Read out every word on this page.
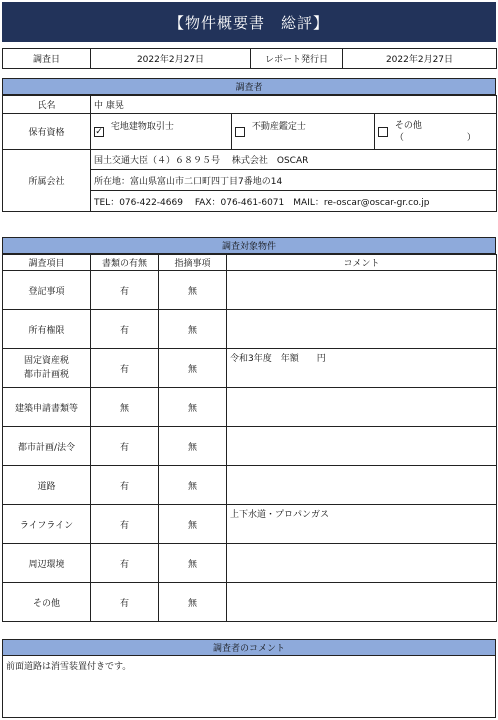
【物件概要書　総評】
調査日	2022年2月27日	レポート発行日	2022年2月27日
調査者
氏名	中 康晃		
保有資格	✓ 宅地建物取引士	不動産鑑定士	その他
（　　　　　　　）

所属会社	国土交通大臣（４）６８９５号　 株式会社　OSCAR		
	所在地：富山県富山市二口町四丁目7番地の14		
	TEL：076-422-4669　 FAX：076-461-6071　MAIL：re-oscar@oscar-gr.co.jp		
調査対象物件
調査項目	書類の有無	指摘事項	コメント
登記事項	有	無	
所有権限	有	無	

固定資産税
都市計画税	有	無	令和3年度　年額　　円
建築申請書類等	無	無	
都市計画/法令	有	無	
道路	有	無	
ライフライン	有	無	上下水道・プロパンガス
周辺環境	有	無	
その他	有	無	
調査者のコメント
前面道路は消雪装置付きです。
